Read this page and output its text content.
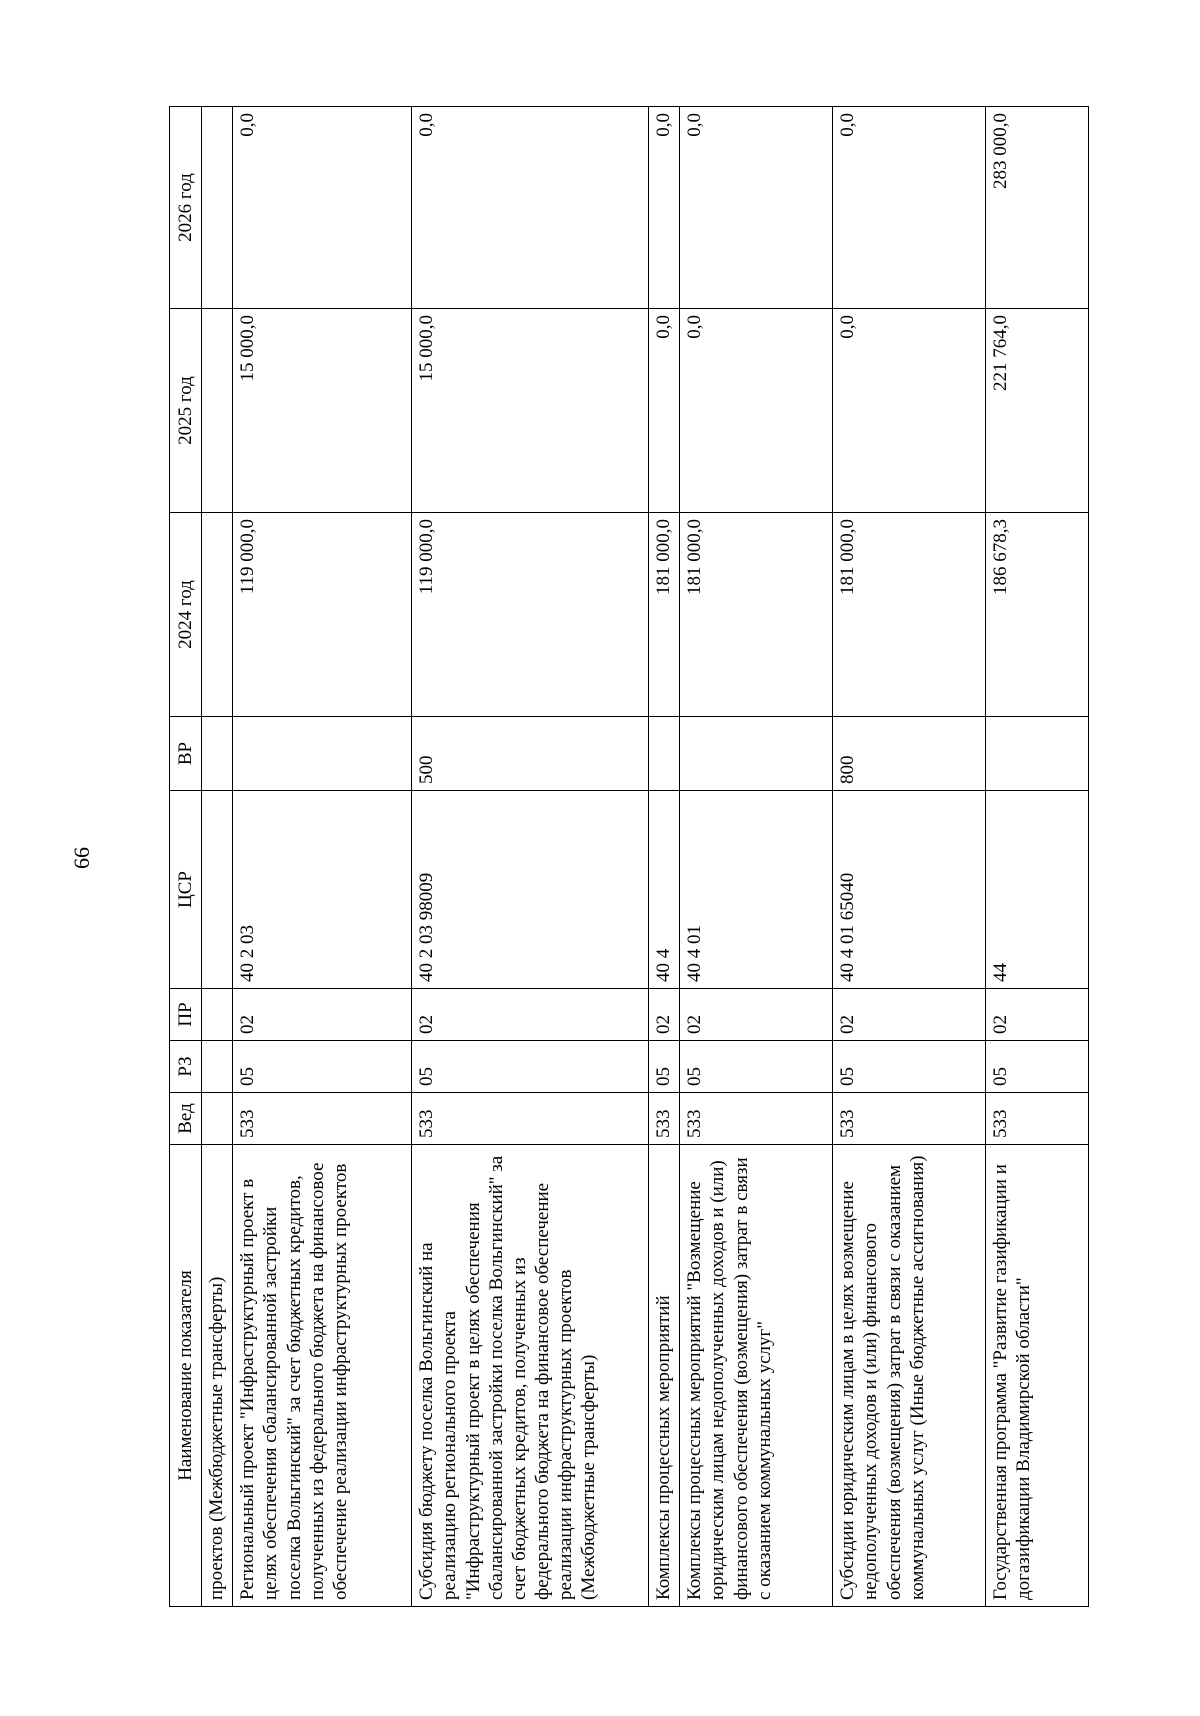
66
Наименование показателя	Вед	РЗ	ПР	ЦСР	ВР	2024 год	2025 год	2026 год
проектов (Межбюджетные трансферты)								
Региональный проект "Инфраструктурный проект в целях обеспечения сбалансированной застройки поселка Вольгинский" за счет бюджетных кредитов, полученных из федерального бюджета на финансовое обеспечение реализации инфраструктурных проектов	533	05	02	40 2 03		119 000,0	15 000,0	0,0
Субсидия бюджету поселка Вольгинский на реализацию регионального проекта "Инфраструктурный проект в целях обеспечения сбалансированной застройки поселка Вольгинский" за счет бюджетных кредитов, полученных из федерального бюджета на финансовое обеспечение реализации инфраструктурных проектов (Межбюджетные трансферты)	533	05	02	40 2 03 98009	500	119 000,0	15 000,0	0,0
Комплексы процессных мероприятий	533	05	02	40 4		181 000,0	0,0	0,0
Комплексы процессных мероприятий "Возмещение юридическим лицам недополученных доходов и (или) финансового обеспечения (возмещения) затрат в связи с оказанием коммунальных услуг"	533	05	02	40 4 01		181 000,0	0,0	0,0
Субсидии юридическим лицам в целях возмещение недополученных доходов и (или) финансового обеспечения (возмещения) затрат в связи с оказанием коммунальных услуг (Иные бюджетные ассигнования)	533	05	02	40 4 01 65040	800	181 000,0	0,0	0,0
Государственная программа "Развитие газификации и догазификации Владимирской области"	533	05	02	44		186 678,3	221 764,0	283 000,0
